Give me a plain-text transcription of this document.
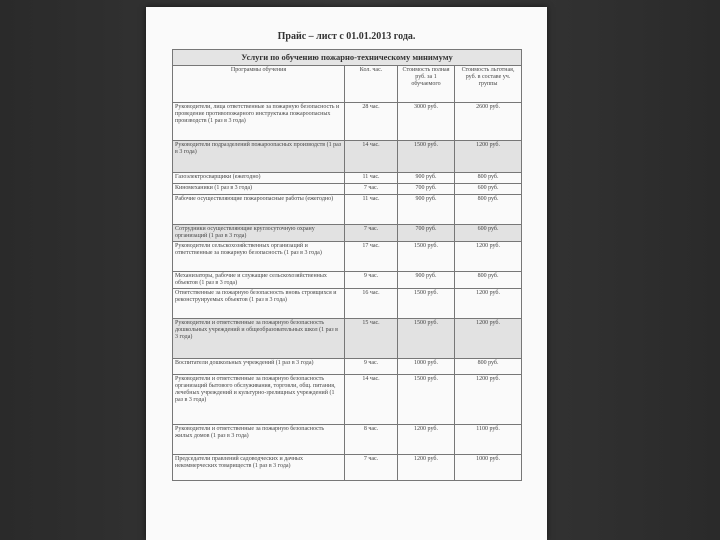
Прайс – лист с 01.01.2013 года.
Услуги по обучению пожарно-техническому минимуму			
Программы обучения	Кол. час.	Стоимость полная руб. за 1 обучаемого	Стоимость льготная, руб. в составе уч. группы
Руководители, лица ответственные за пожарную безопасность и проведение противопожарного инструктажа пожароопасных производств (1 раз в 3 года)	28 час.	3000 руб.	2600 руб.
Руководители подразделений пожароопасных производств (1 раз в 3 года)	14 час.	1500 руб.	1200 руб.
Газоэлектросварщики (ежегодно)	11 час.	900 руб.	800 руб.
Киномеханики (1 раз в 3 года)	7 час.	700 руб.	600 руб.
Рабочие осуществляющие пожароопасные работы (ежегодно)	11 час.	900 руб.	800 руб.
Сотрудники осуществляющие круглосуточную охрану организаций (1 раз в 3 года)	7 час.	700 руб.	600 руб.
Руководители сельскохозяйственных организаций и ответственные за пожарную безопасность (1 раз в 3 года)	17 час.	1500 руб.	1200 руб.
Механизаторы, рабочие и служащие сельскохозяйственных объектов (1 раз в 3 года)	9 час.	900 руб.	800 руб.
Ответственные за пожарную безопасность вновь строящихся и реконструируемых объектов (1 раз в 3 года)	16 час.	1500 руб.	1200 руб.
Руководители и ответственные за пожарную безопасность дошкольных учреждений и общеобразовательных школ (1 раз в 3 года)	15 час.	1500 руб.	1200 руб.
Воспитатели дошкольных учреждений (1 раз в 3 года)	9 час.	1000 руб.	800 руб.
Руководители и ответственные за пожарную безопасность организаций бытового обслуживания, торговли, общ. питания, лечебных учреждений и культурно-зрелищных учреждений (1 раз в 3 года)	14 час.	1500 руб.	1200 руб.
Руководители и ответственные за пожарную безопасность жилых домов (1 раз в 3 года)	8 час.	1200 руб.	1100 руб.
Председатели правлений садоводческих и дачных некоммерческих товариществ (1 раз в 3 года)	7 час.	1200 руб.	1000 руб.
